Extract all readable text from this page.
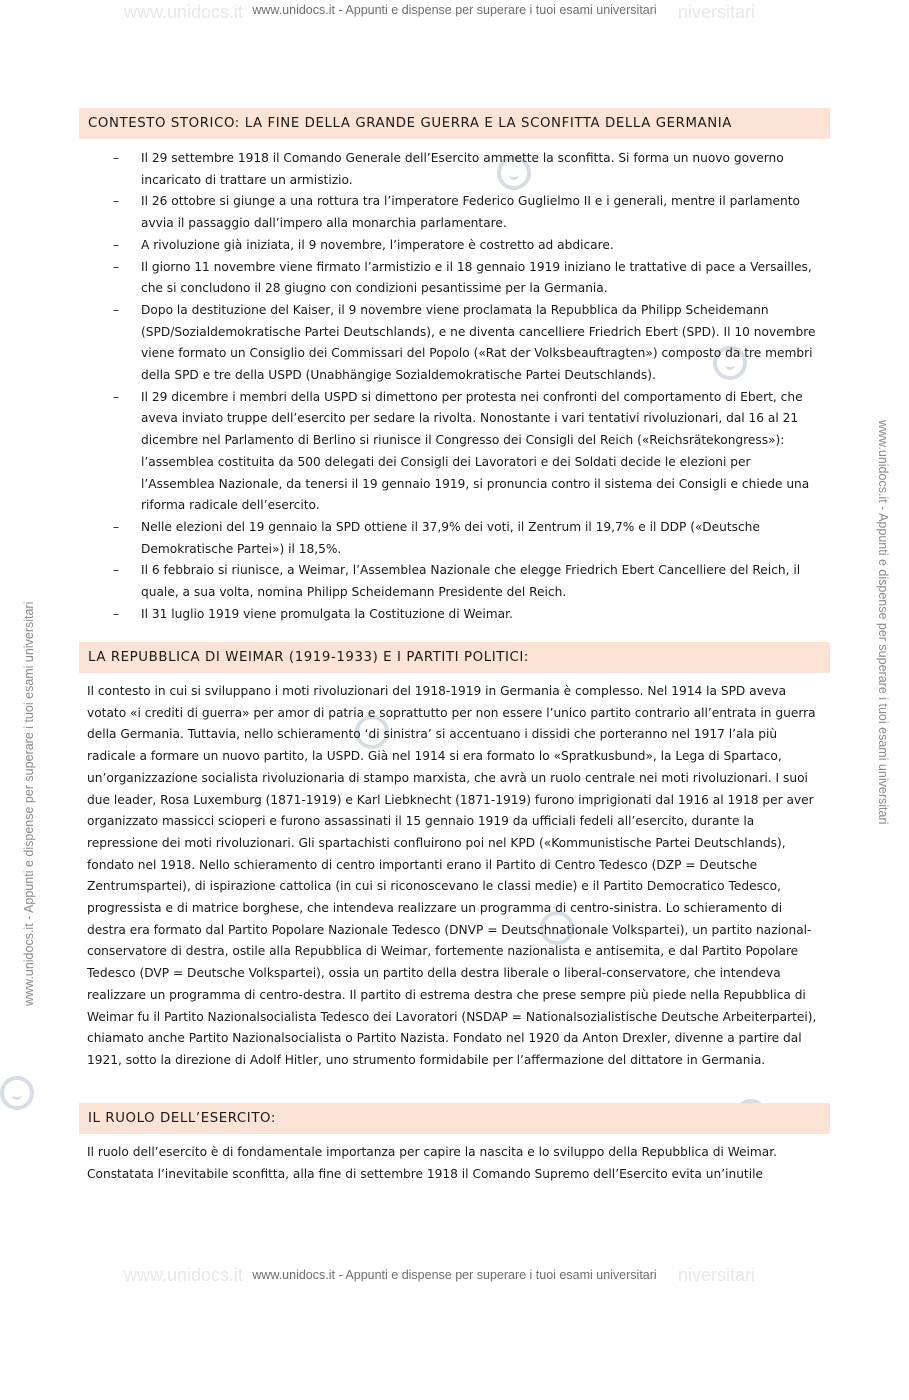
www.unidocs.it	niversitari
www.unidocs.it	niversitari
www.unidocs.it - Appunti e dispense per superare i tuoi esami universitari
www.unidocs.it - Appunti e dispense per superare i tuoi esami universitari
www.unidocs.it - Appunti e dispense per superare i tuoi esami universitari	www.unidocs.it - Appunti e dispense per superare i tuoi esami universitari
CONTESTO STORICO: LA FINE DELLA GRANDE GUERRA E LA SCONFITTA DELLA GERMANIA
– Il 29 settembre 1918 il Comando Generale dell’Esercito ammette la sconfitta. Si forma un nuovo governo incaricato di trattare un armistizio.
– Il 26 ottobre si giunge a una rottura tra l’imperatore Federico Guglielmo II e i generali, mentre il parlamento avvia il passaggio dall’impero alla monarchia parlamentare.
– A rivoluzione già iniziata, il 9 novembre, l’imperatore è costretto ad abdicare.
– Il giorno 11 novembre viene firmato l’armistizio e il 18 gennaio 1919 iniziano le trattative di pace a Versailles, che si concludono il 28 giugno con condizioni pesantissime per la Germania.
– Dopo la destituzione del Kaiser, il 9 novembre viene proclamata la Repubblica da Philipp Scheidemann (SPD/Sozialdemokratische Partei Deutschlands), e ne diventa cancelliere Friedrich Ebert (SPD). Il 10 novembre viene formato un Consiglio dei Commissari del Popolo («Rat der Volksbeauftragten») composto da tre membri della SPD e tre della USPD (Unabhängige Sozialdemokratische Partei Deutschlands).
– Il 29 dicembre i membri della USPD si dimettono per protesta nei confronti del comportamento di Ebert, che aveva inviato truppe dell’esercito per sedare la rivolta. Nonostante i vari tentativi rivoluzionari, dal 16 al 21 dicembre nel Parlamento di Berlino si riunisce il Congresso dei Consigli del Reich («Reichsrätekongress»): l’assemblea costituita da 500 delegati dei Consigli dei Lavoratori e dei Soldati decide le elezioni per l’Assemblea Nazionale, da tenersi il 19 gennaio 1919, si pronuncia contro il sistema dei Consigli e chiede una riforma radicale dell’esercito.
– Nelle elezioni del 19 gennaio la SPD ottiene il 37,9% dei voti, il Zentrum il 19,7% e il DDP («Deutsche Demokratische Partei») il 18,5%.
– Il 6 febbraio si riunisce, a Weimar, l’Assemblea Nazionale che elegge Friedrich Ebert Cancelliere del Reich, il quale, a sua volta, nomina Philipp Scheidemann Presidente del Reich.
– Il 31 luglio 1919 viene promulgata la Costituzione di Weimar.
LA REPUBBLICA DI WEIMAR (1919-1933) E I PARTITI POLITICI:

Il contesto in cui si sviluppano i moti rivoluzionari del 1918-1919 in Germania è complesso. Nel 1914 la SPD aveva votato «i crediti di guerra» per amor di patria e soprattutto per non essere l’unico partito contrario all’entrata in guerra della Germania. Tuttavia, nello schieramento ‘di sinistra’ si accentuano i dissidi che porteranno nel 1917 l’ala più radicale a formare un nuovo partito, la USPD. Già nel 1914 si era formato lo «Spratkusbund», la Lega di Spartaco, un’organizzazione socialista rivoluzionaria di stampo marxista, che avrà un ruolo centrale nei moti rivoluzionari. I suoi due leader, Rosa Luxemburg (1871-1919) e Karl Liebknecht (1871-1919) furono imprigionati dal 1916 al 1918 per aver organizzato massicci scioperi e furono assassinati il 15 gennaio 1919 da ufficiali fedeli all’esercito, durante la repressione dei moti rivoluzionari. Gli spartachisti confluirono poi nel KPD («Kommunistische Partei Deutschlands), fondato nel 1918. Nello schieramento di centro importanti erano il Partito di Centro Tedesco (DZP = Deutsche Zentrumspartei), di ispirazione cattolica (in cui si riconoscevano le classi medie) e il Partito Democratico Tedesco, progressista e di matrice borghese, che intendeva realizzare un programma di centro-sinistra. Lo schieramento di destra era formato dal Partito Popolare Nazionale Tedesco (DNVP = Deutschnationale Volkspartei), un partito nazional-conservatore di destra, ostile alla Repubblica di Weimar, fortemente nazionalista e antisemita, e dal Partito Popolare Tedesco (DVP = Deutsche Volkspartei), ossia un partito della destra liberale o liberal-conservatore, che intendeva realizzare un programma di centro-destra. Il partito di estrema destra che prese sempre più piede nella Repubblica di Weimar fu il Partito Nazionalsocialista Tedesco dei Lavoratori (NSDAP = Nationalsozialistische Deutsche Arbeiterpartei), chiamato anche Partito Nazionalsocialista o Partito Nazista. Fondato nel 1920 da Anton Drexler, divenne a partire dal 1921, sotto la direzione di Adolf Hitler, uno strumento formidabile per l’affermazione del dittatore in Germania.

IL RUOLO DELL’ESERCITO:

Il ruolo dell’esercito è di fondamentale importanza per capire la nascita e lo sviluppo della Repubblica di Weimar. Constatata l’inevitabile sconfitta, alla fine di settembre 1918 il Comando Supremo dell’Esercito evita un’inutile
